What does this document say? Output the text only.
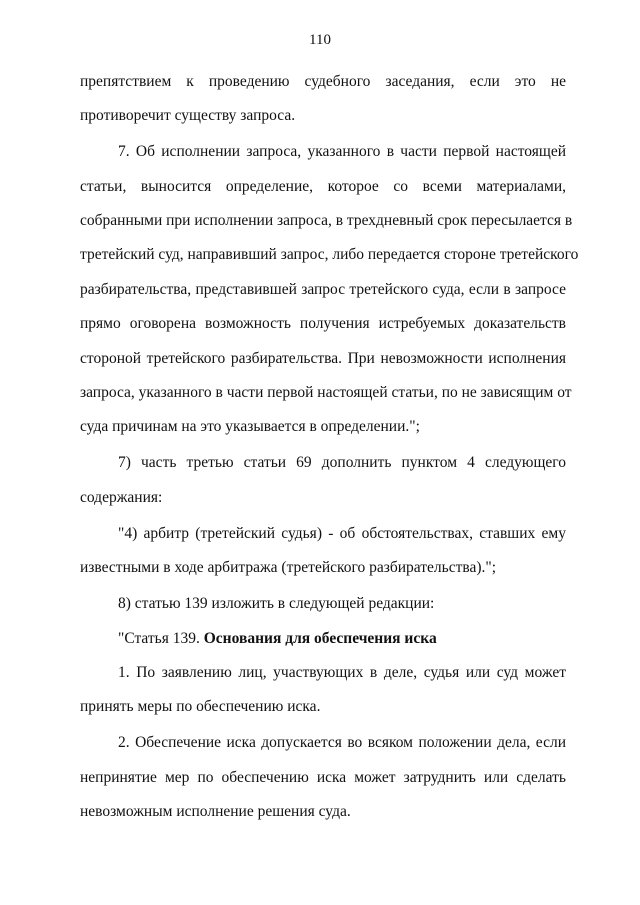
110
препятствием к проведению судебного заседания, если это не
противоречит существу запроса.
7. Об исполнении запроса, указанного в части первой настоящей
статьи, выносится определение, которое со всеми материалами,
собранными при исполнении запроса, в трехдневный срок пересылается в
третейский суд, направивший запрос, либо передается стороне третейского
разбирательства, представившей запрос третейского суда, если в запросе
прямо оговорена возможность получения истребуемых доказательств
стороной третейского разбирательства. При невозможности исполнения
запроса, указанного в части первой настоящей статьи, по не зависящим от
суда причинам на это указывается в определении.";
7) часть третью статьи 69 дополнить пунктом 4 следующего
содержания:
"4) арбитр (третейский судья) - об обстоятельствах, ставших ему
известными в ходе арбитража (третейского разбирательства).";
8) статью 139 изложить в следующей редакции:
"Статья 139. Основания для обеспечения иска
1. По заявлению лиц, участвующих в деле, судья или суд может
принять меры по обеспечению иска.
2. Обеспечение иска допускается во всяком положении дела, если
непринятие мер по обеспечению иска может затруднить или сделать
невозможным исполнение решения суда.
